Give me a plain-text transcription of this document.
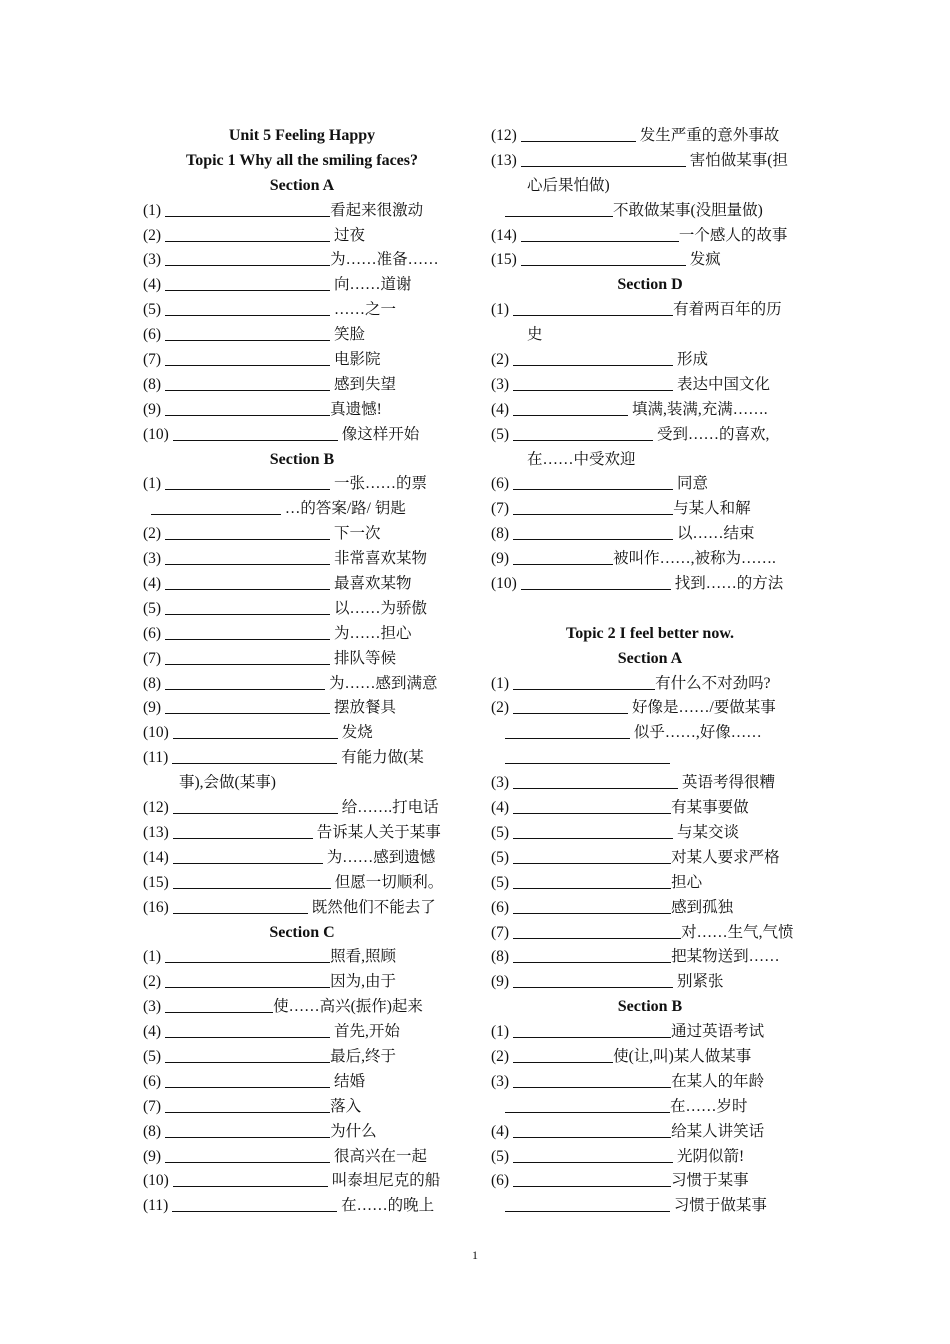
Unit 5 Feeling Happy
Topic 1 Why all the smiling faces?
Section A
(1)	看起来很激动
(2)	过夜
(3)	为……准备……
(4)	向……道谢
(5)	……之一
(6)	笑脸
(7)	电影院
(8)	感到失望
(9)	真遗憾!
(10)	像这样开始
Section B
(1)	一张……的票
…的答案/路/ 钥匙
(2)	下一次
(3)	非常喜欢某物
(4)	最喜欢某物
(5)	以……为骄傲
(6)	为……担心
(7)	排队等候
(8)	为……感到满意
(9)	摆放餐具
(10)	发烧
(11)	有能力做(某
事),会做(某事)
(12)	给…….打电话
(13)	告诉某人关于某事
(14)	为……感到遗憾
(15)	但愿一切顺利。
(16)	既然他们不能去了
Section C
(1)	照看,照顾
(2)	因为,由于
(3)	使……高兴(振作)起来
(4)	首先,开始
(5)	最后,终于
(6)	结婚
(7)	落入
(8)	为什么
(9)	很高兴在一起
(10)	叫泰坦尼克的船
(11)	在……的晚上
(12)	发生严重的意外事故
(13)	害怕做某事(担
心后果怕做)
不敢做某事(没胆量做)
(14)	一个感人的故事
(15)	发疯
Section D
(1)	有着两百年的历
史
(2)	形成
(3)	表达中国文化
(4)	填满,装满,充满…….
(5)	受到……的喜欢,
在……中受欢迎
(6)	同意
(7)	与某人和解
(8)	以……结束
(9)	被叫作……,被称为…….
(10)	找到……的方法
Topic 2 I feel better now.
Section A
(1)	有什么不对劲吗?
(2)	好像是……/要做某事
似乎……,好像……
(3)	英语考得很糟
(4)	有某事要做
(5)	与某交谈
(5)	对某人要求严格
(5)	担心
(6)	感到孤独
(7)	对……生气,气愤
(8)	把某物送到……
(9)	别紧张
Section B
(1)	通过英语考试
(2)	使(让,叫)某人做某事
(3)	在某人的年龄
在……岁时
(4)	给某人讲笑话
(5)	光阴似箭!
(6)	习惯于某事
习惯于做某事
1
